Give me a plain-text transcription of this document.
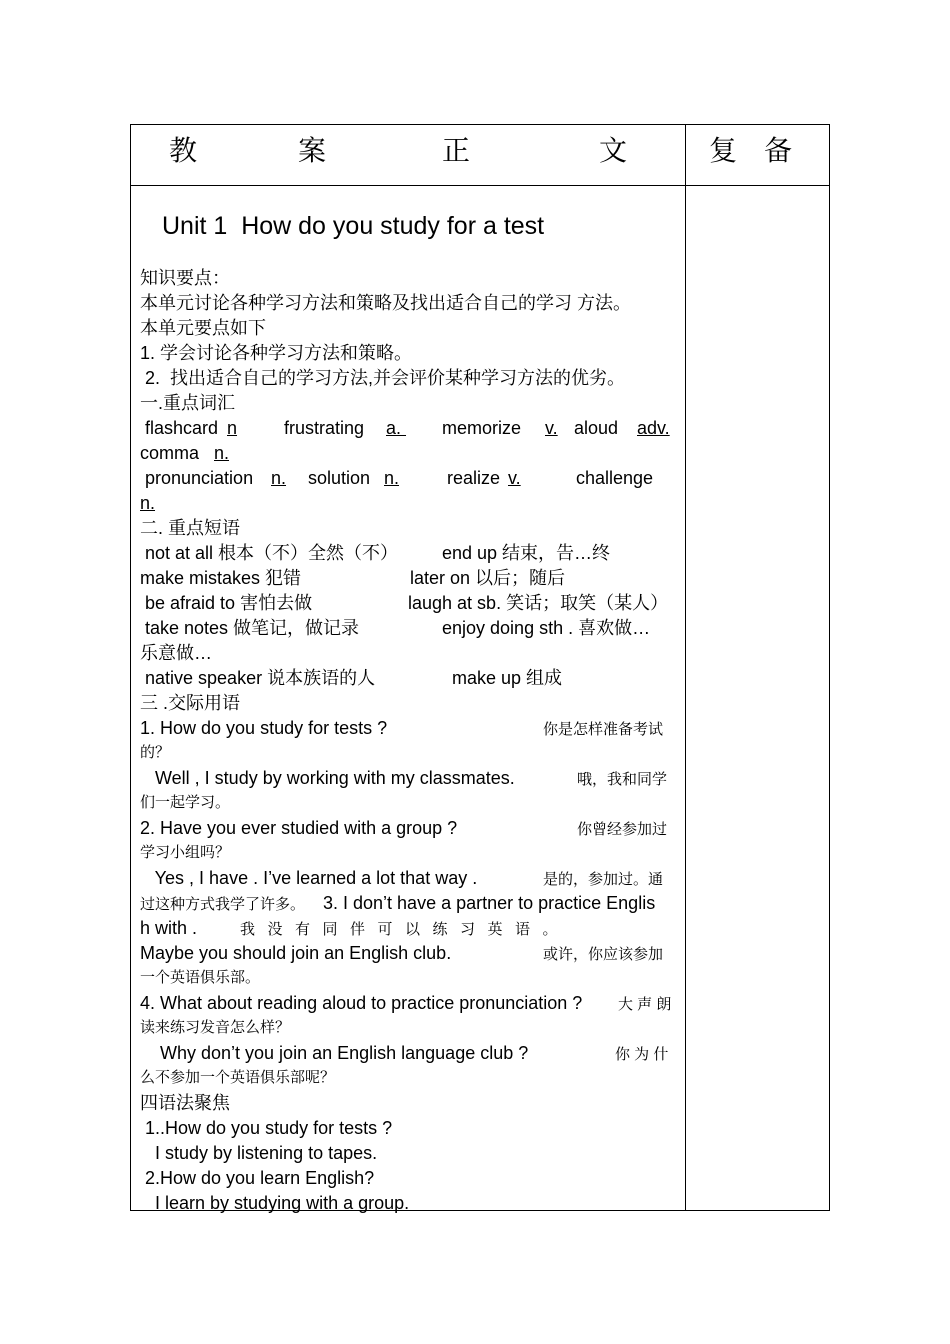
教	案	正	文	复 备
Unit 1  How do you study for a test
知识要点：
本单元讨论各种学习方法和策略及找出适合自己的学习 方法。
本单元要点如下
1. 学会讨论各种学习方法和策略。
2.  找出适合自己的学习方法,并会评价某种学习方法的优劣。
一.重点词汇
flashcard n	frustrating a. memorize v. aloud adv.
comma n.
pronunciation n. solution n.	realize v.	challenge
n.
二. 重点短语
not at all 根本（不）全然（不） end up 结束，告…终
make mistakes 犯错	later on 以后；随后
be afraid to 害怕去做	laugh at sb. 笑话；取笑（某人）
take notes 做笔记，做记录	enjoy doing sth . 喜欢做…
乐意做…
native speaker 说本族语的人	make up 组成
三 .交际用语
1. How do you study for tests ?	你是怎样准备考试
的？
Well , I study by working with my classmates.	哦，我和同学
们一起学习。
2. Have you ever studied with a group ?	你曾经参加过
学习小组吗？
Yes , I have . I’ve learned a lot that way .	是的，参加过。通
过这种方式我学了许多。 3. I don’t have a partner to practice Englis
h with .	我   没   有   同   伴   可   以   练   习   英   语   。
Maybe you should join an English club.	或许，你应该参加
一个英语俱乐部。
4. What about reading aloud to practice pronunciation ? 大 声 朗
读来练习发音怎么样？
Why don’t you join an English language club ?	你 为 什
么不参加一个英语俱乐部呢？
四语法聚焦
1..How do you study for tests ?
I study by listening to tapes.
2.How do you learn English?
I learn by studying with a group.
